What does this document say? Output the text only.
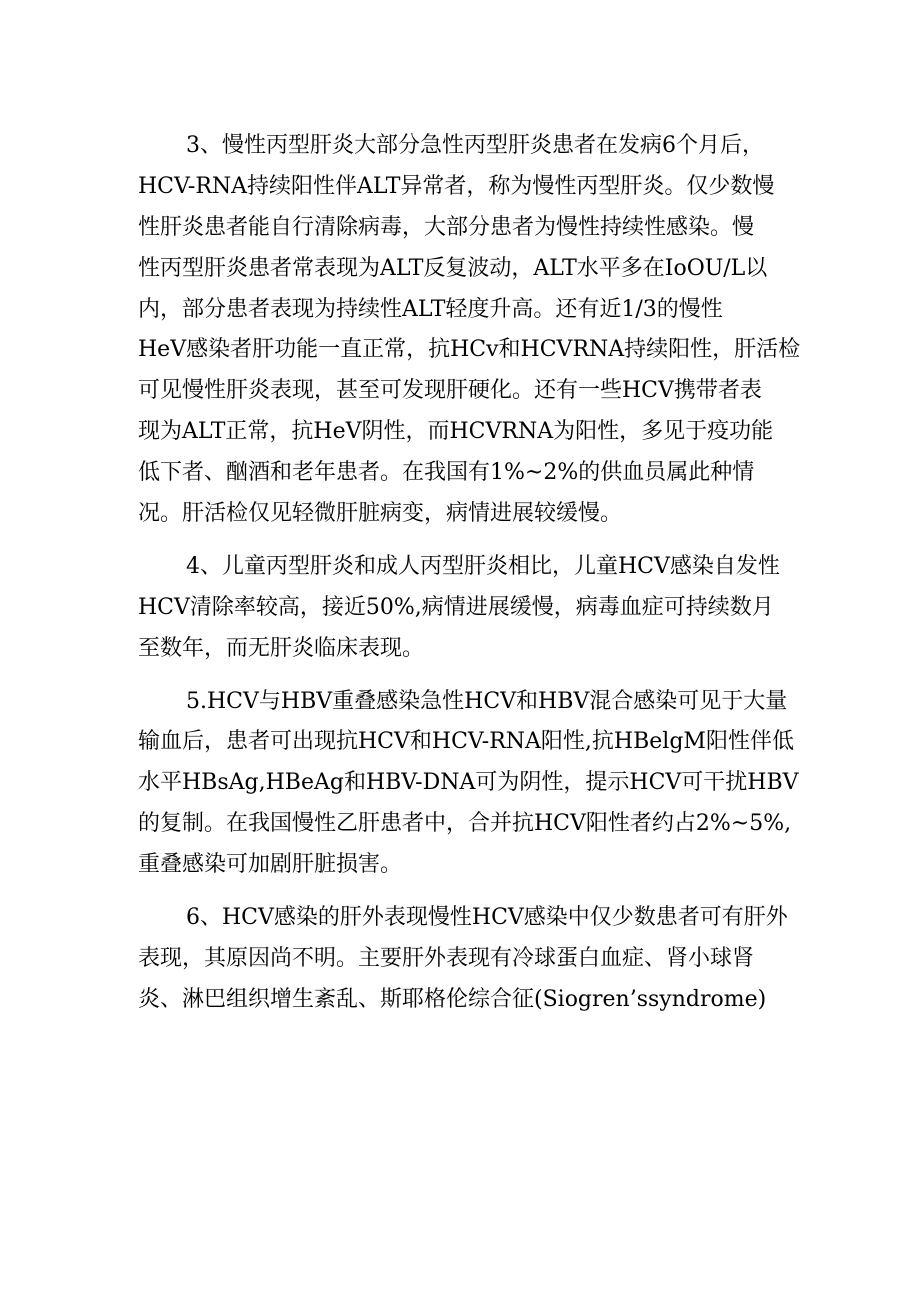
3、慢性丙型肝炎大部分急性丙型肝炎患者在发病6个月后，
HCV-RNA持续阳性伴ALT异常者，称为慢性丙型肝炎。仅少数慢
性肝炎患者能自行清除病毒，大部分患者为慢性持续性感染。慢
性丙型肝炎患者常表现为ALT反复波动，ALT水平多在IoOU/L以
内，部分患者表现为持续性ALT轻度升高。还有近1/3的慢性
HeV感染者肝功能一直正常，抗HCv和HCVRNA持续阳性，肝活检
可见慢性肝炎表现，甚至可发现肝硬化。还有一些HCV携带者表
现为ALT正常，抗HeV阴性，而HCVRNA为阳性，多见于疫功能
低下者、酗酒和老年患者。在我国有1%~2%的供血员属此种情
况。肝活检仅见轻微肝脏病变，病情进展较缓慢。
4、儿童丙型肝炎和成人丙型肝炎相比，儿童HCV感染自发性
HCV清除率较高，接近50%,病情进展缓慢，病毒血症可持续数月
至数年，而无肝炎临床表现。
5.HCV与HBV重叠感染急性HCV和HBV混合感染可见于大量
输血后，患者可出现抗HCV和HCV-RNA阳性,抗HBelgM阳性伴低
水平HBsAg,HBeAg和HBV-DNA可为阴性，提示HCV可干扰HBV
的复制。在我国慢性乙肝患者中，合并抗HCV阳性者约占2%~5%,
重叠感染可加剧肝脏损害。
6、HCV感染的肝外表现慢性HCV感染中仅少数患者可有肝外
表现，其原因尚不明。主要肝外表现有冷球蛋白血症、肾小球肾
炎、淋巴组织增生紊乱、斯耶格伦综合征(Siogren’ssyndrome)
